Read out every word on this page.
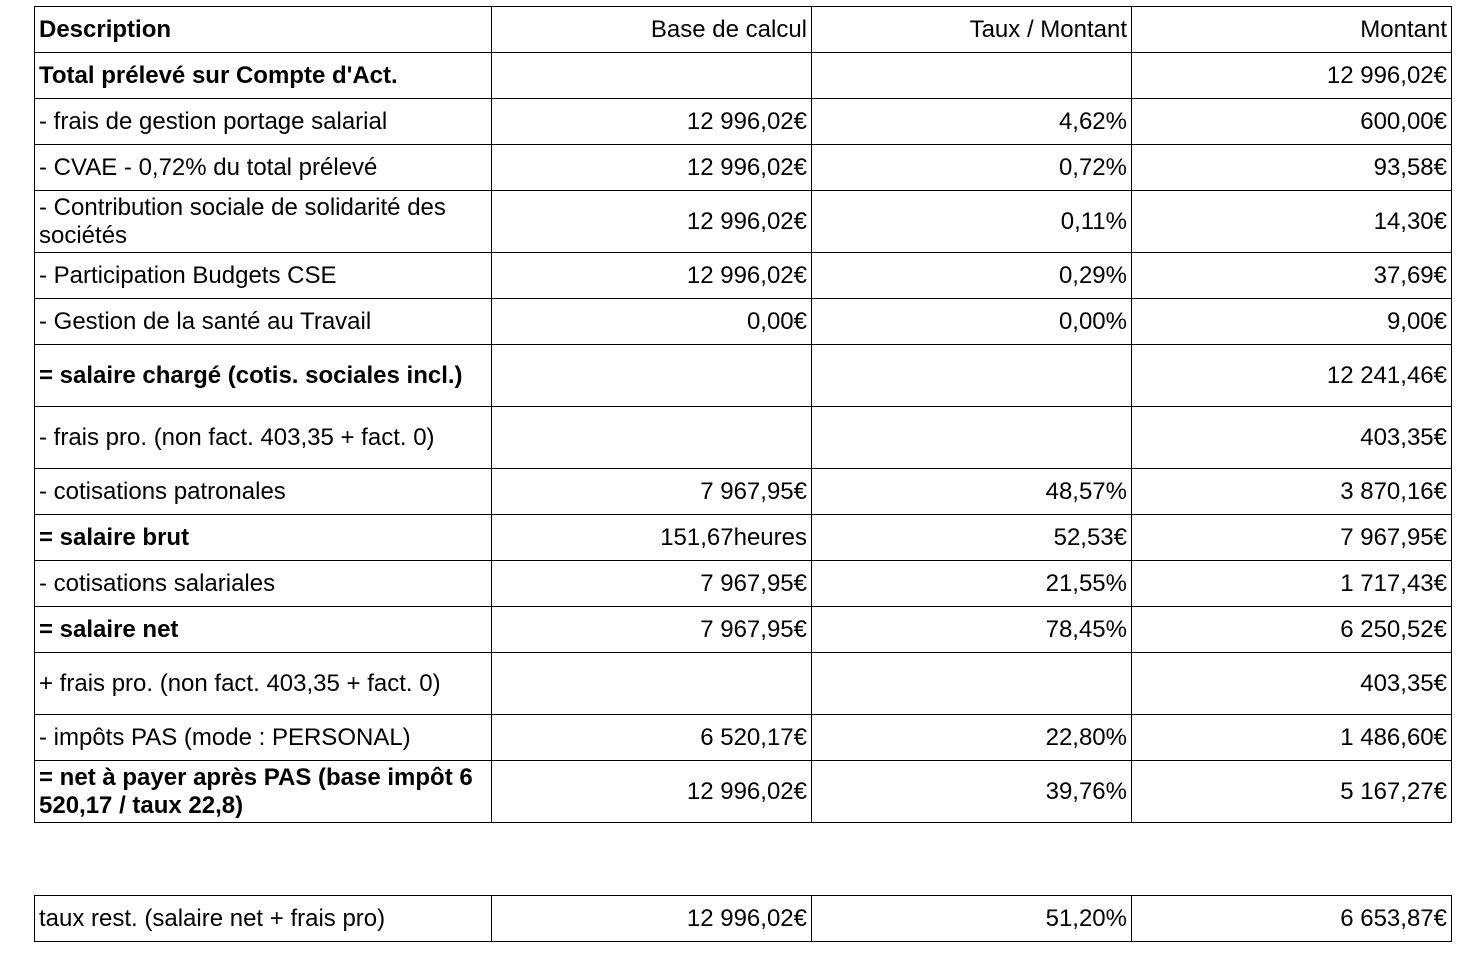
Description	Base de calcul	Taux / Montant	Montant
Total prélevé sur Compte d'Act.			12 996,02€
- frais de gestion portage salarial	12 996,02€	4,62%	600,00€
- CVAE - 0,72% du total prélevé	12 996,02€	0,72%	93,58€
- Contribution sociale de solidarité des sociétés	12 996,02€	0,11%	14,30€
- Participation Budgets CSE	12 996,02€	0,29%	37,69€
- Gestion de la santé au Travail	0,00€	0,00%	9,00€
= salaire chargé (cotis. sociales incl.)			12 241,46€
- frais pro. (non fact. 403,35 + fact. 0)			403,35€
- cotisations patronales	7 967,95€	48,57%	3 870,16€
= salaire brut	151,67heures	52,53€	7 967,95€
- cotisations salariales	7 967,95€	21,55%	1 717,43€
= salaire net	7 967,95€	78,45%	6 250,52€
+ frais pro. (non fact. 403,35 + fact. 0)			403,35€
- impôts PAS (mode : PERSONAL)	6 520,17€	22,80%	1 486,60€
= net à payer après PAS (base impôt 6 520,17 / taux 22,8)	12 996,02€	39,76%	5 167,27€
taux rest. (salaire net + frais pro)	12 996,02€	51,20%	6 653,87€
